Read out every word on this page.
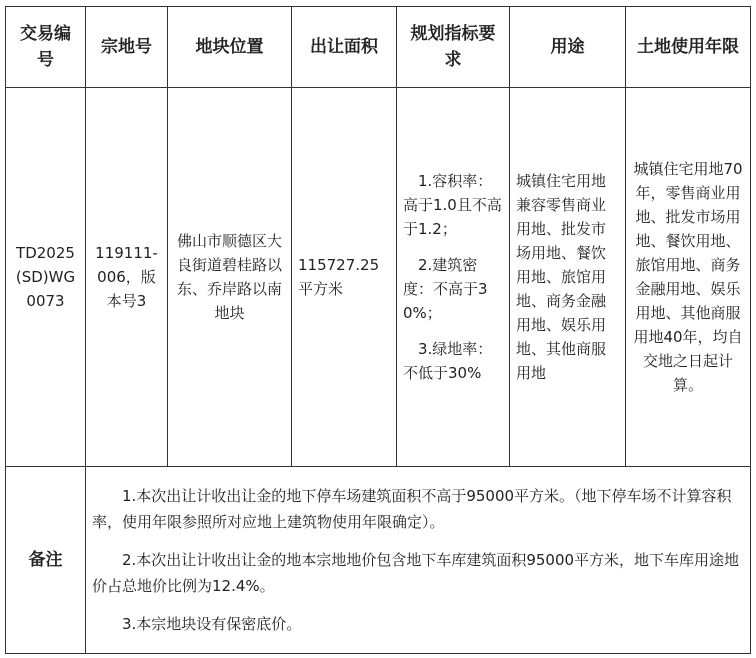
交易编号	宗地号	地块位置	出让面积	规划指标要求	用途	土地使用年限
TD2025(SD)WG0073	119111-006，版本号3	佛山市顺德区大良街道碧桂路以东、乔岸路以南地块	115727.25平方米	1.容积率：高于1.0且不高于1.2；

2.建筑密度：不高于30%；

3.绿地率：不低于30%	城镇住宅用地兼容零售商业用地、批发市场用地、餐饮用地、旅馆用地、商务金融用地、娱乐用地、其他商服用地	城镇住宅用地70年，零售商业用地、批发市场用地、餐饮用地、旅馆用地、商务金融用地、娱乐用地、其他商服用地40年，均自交地之日起计算。
备注	1.本次出让计收出让金的地下停车场建筑面积不高于95000平方米。（地下停车场不计算容积率，使用年限参照所对应地上建筑物使用年限确定）。

2.本次出让计收出让金的地本宗地地价包含地下车库建筑面积95000平方米，地下车库用途地价占总地价比例为12.4%。

3.本宗地块设有保密底价。					
